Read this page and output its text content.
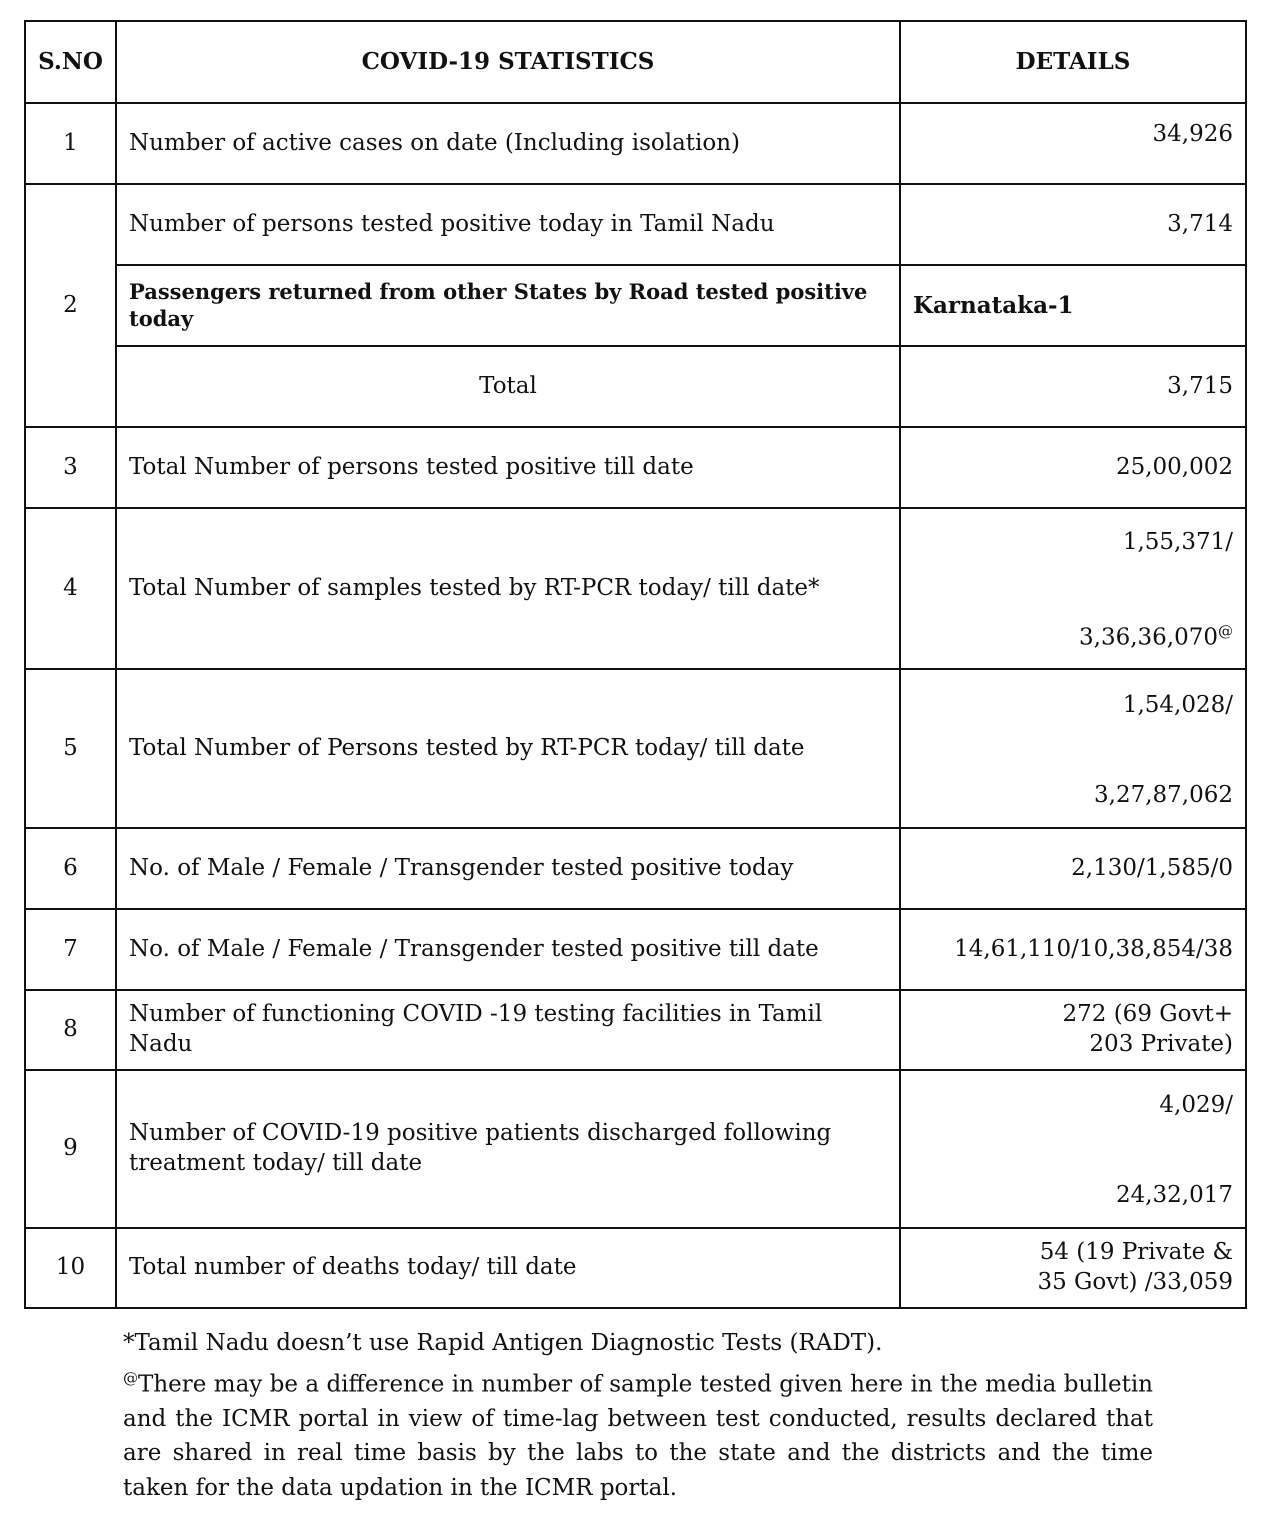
S.NO	COVID-19 STATISTICS	DETAILS
1	Number of active cases on date (Including isolation)	34,926
2	Number of persons tested positive today in Tamil Nadu	3,714
	Passengers returned from other States by Road tested positive today	Karnataka-1
	Total	3,715
3	Total Number of persons tested positive till date	25,00,002
4	Total Number of samples tested by RT-PCR today/ till date*	1,55,371/
3,36,36,070@

5	Total Number of Persons tested by RT-PCR today/ till date	1,54,028/
3,27,87,062

6	No. of Male / Female / Transgender tested positive today	2,130/1,585/0
7	No. of Male / Female / Transgender tested positive till date	14,61,110/10,38,854/38
8	Number of functioning COVID -19 testing facilities in Tamil Nadu	272 (69 Govt+
203 Private)

9	Number of COVID-19 positive patients discharged following treatment today/ till date	4,029/
24,32,017

10	Total number of deaths today/ till date	54 (19 Private &
35 Govt) /33,059

*Tamil Nadu doesn’t use Rapid Antigen Diagnostic Tests (RADT).

@There may be a difference in number of sample tested given here in the media bulletin and the ICMR portal in view of time-lag between test conducted, results declared that are shared in real time basis by the labs to the state and the districts and the time taken for the data updation in the ICMR portal.
